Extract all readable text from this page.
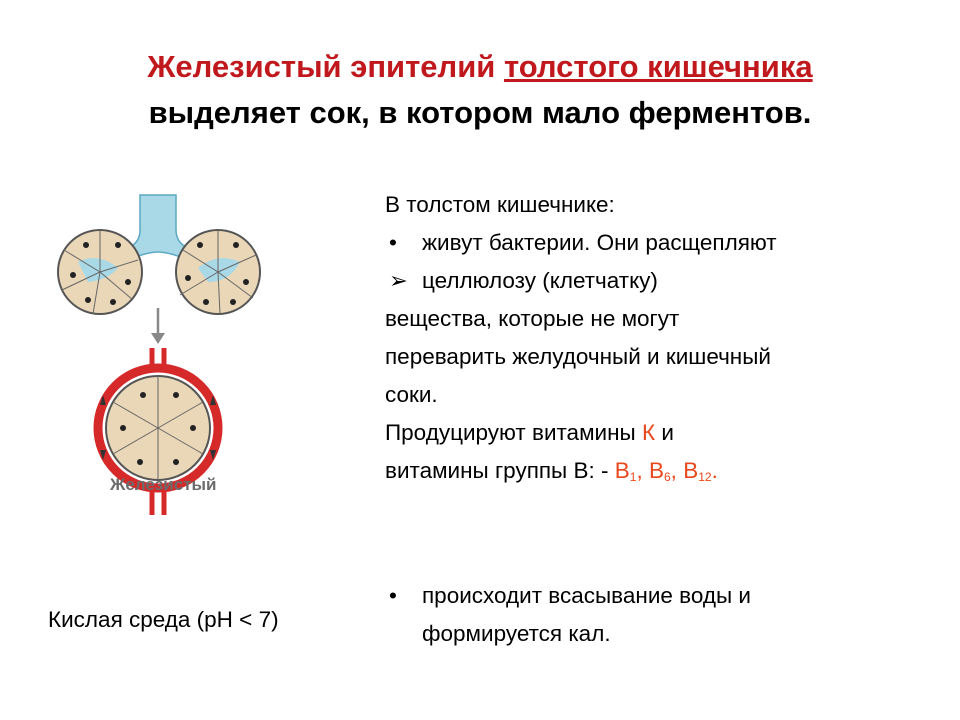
Железистый эпителий толстого кишечника
выделяет сок, в котором мало ферментов.
Железистый
В толстом кишечнике:
• живут бактерии. Они расщепляют
➢ целлюлозу (клетчатку)
вещества, которые не могут
переварить желудочный и кишечный
соки.
Продуцируют витамины К и
витамины группы В: - $В_1$, $В_6$, $В_{12}$.
• происходит всасывание воды и
формируется кал.
Кислая среда (pH < 7)
